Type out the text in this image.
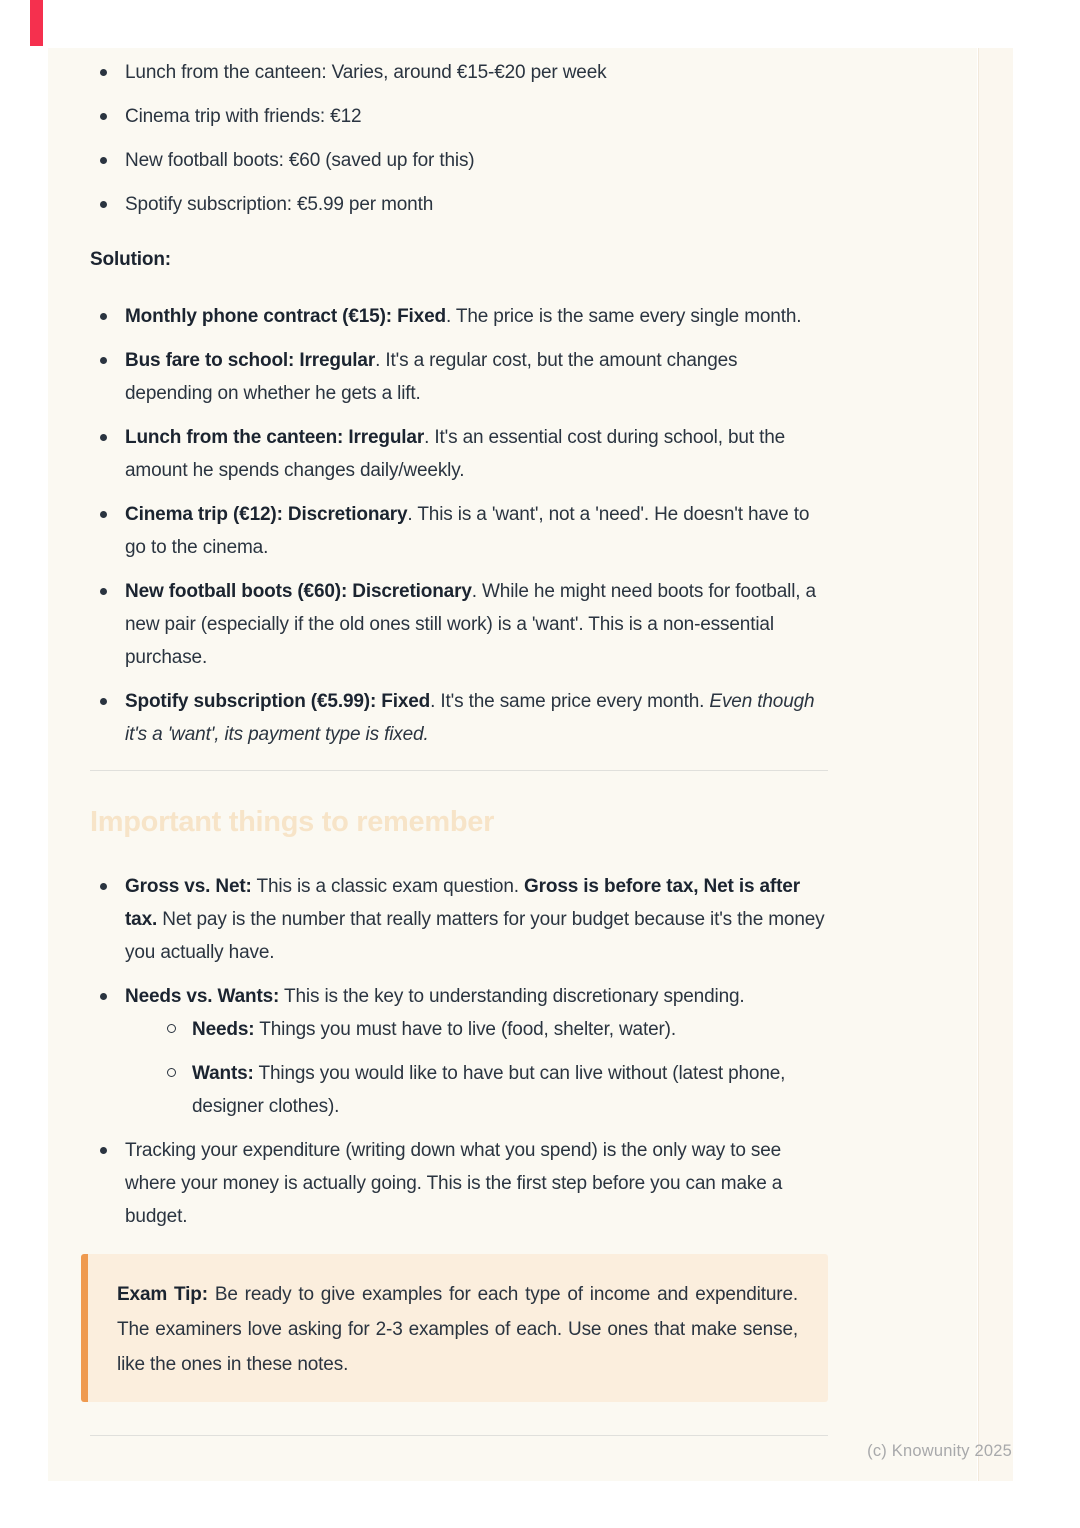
Lunch from the canteen: Varies, around €15-€20 per week
Cinema trip with friends: €12
New football boots: €60 (saved up for this)
Spotify subscription: €5.99 per month

Solution:

Monthly phone contract (€15): Fixed. The price is the same every single month.
Bus fare to school: Irregular. It's a regular cost, but the amount changes depending on whether he gets a lift.
Lunch from the canteen: Irregular. It's an essential cost during school, but the amount he spends changes daily/weekly.
Cinema trip (€12): Discretionary. This is a 'want', not a 'need'. He doesn't have to go to the cinema.
New football boots (€60): Discretionary. While he might need boots for football, a new pair (especially if the old ones still work) is a 'want'. This is a non-essential purchase.
Spotify subscription (€5.99): Fixed. It's the same price every month. Even though it's a 'want', its payment type is fixed.
Important things to remember
Gross vs. Net: This is a classic exam question. Gross is before tax, Net is after tax. Net pay is the number that really matters for your budget because it's the money you actually have.
Needs vs. Wants: This is the key to understanding discretionary spending.
Needs: Things you must have to live (food, shelter, water).
Wants: Things you would like to have but can live without (latest phone, designer clothes).
Tracking your expenditure (writing down what you spend) is the only way to see where your money is actually going. This is the first step before you can make a budget.

Exam Tip: Be ready to give examples for each type of income and expenditure. The examiners love asking for 2-3 examples of each. Use ones that make sense, like the ones in these notes.

(c) Knowunity 2025
